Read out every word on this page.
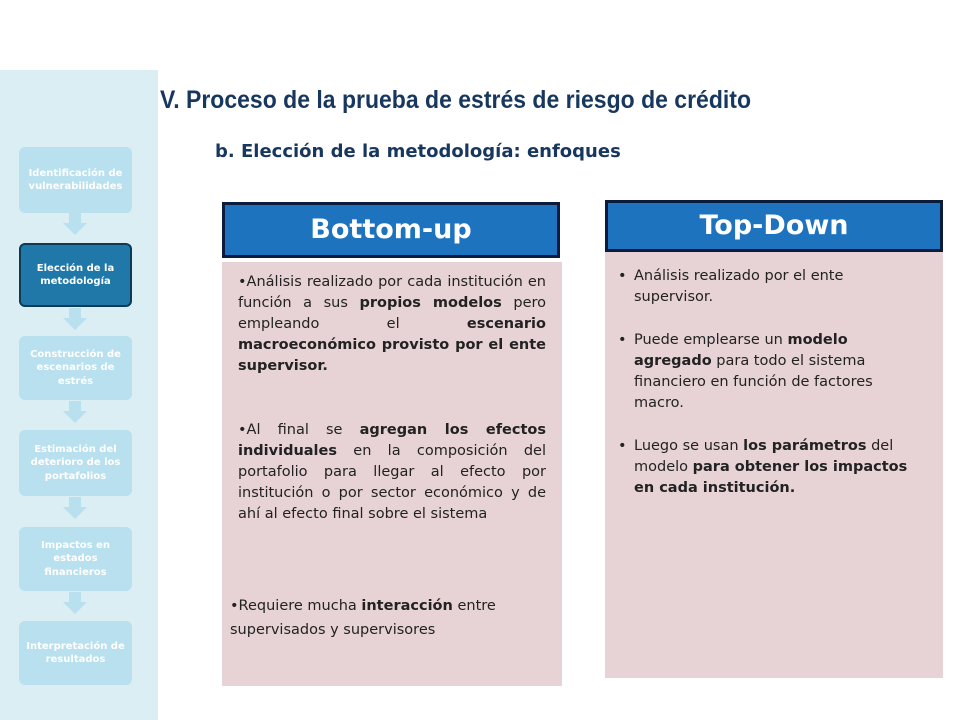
Identificación de vulnerabilidades
Elección de la metodología
Construcción de escenarios de estrés
Estimación del deterioro de los portafolios
Impactos en estados financieros
Interpretación de resultados
V. Proceso de la prueba de estrés de riesgo de crédito
b. Elección de la metodología: enfoques
Bottom-up
•Análisis realizado por cada institución en función a sus propios modelos pero empleando el escenario macroeconómico provisto por el ente supervisor.
•Al final se agregan los efectos individuales en la composición del portafolio para llegar al efecto por institución o por sector económico y de ahí al efecto final sobre el sistema
•Requiere mucha interacción entre supervisados y supervisores
Top-Down
• Análisis realizado por el ente supervisor.
• Puede emplearse un modelo agregado para todo el sistema financiero en función de factores macro.
• Luego se usan los parámetros del modelo para obtener los impactos en cada institución.
